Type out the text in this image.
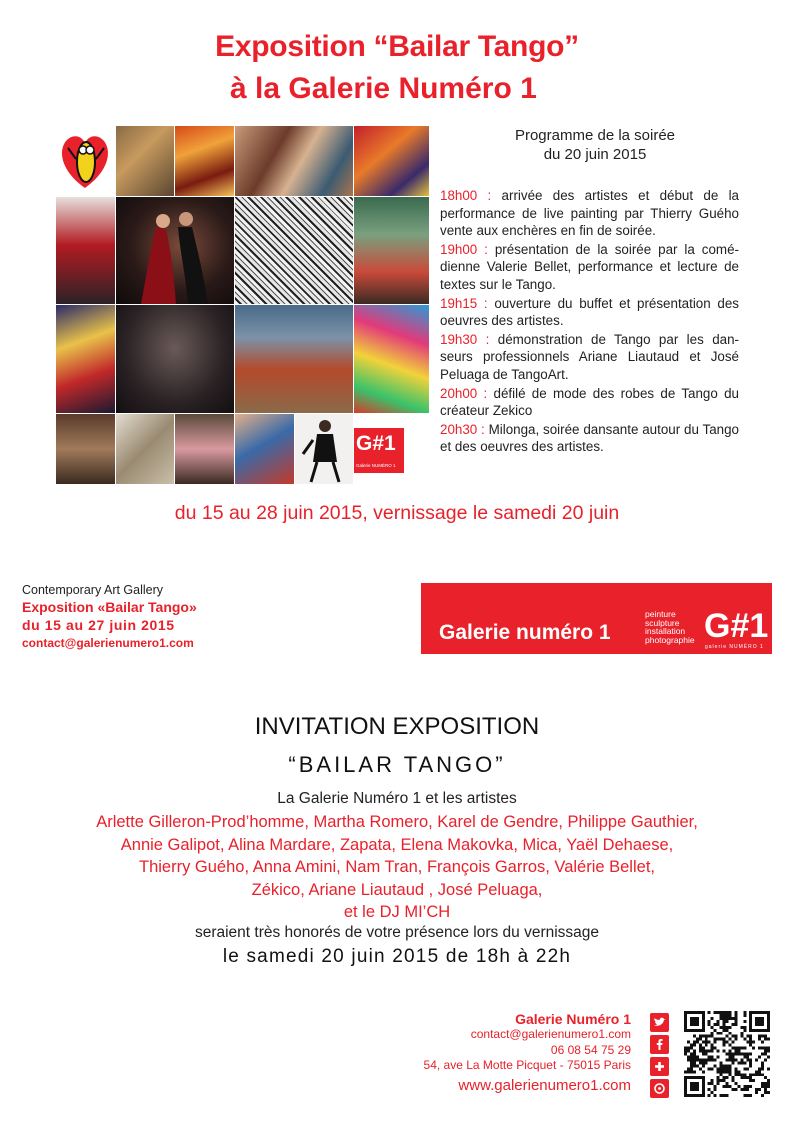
Exposition “Bailar Tango”
à la Galerie Numéro 1
G#1
Galerie NUMÉRO 1
Programme de la soirée
du 20 juin 2015
18h00 : arrivée des artistes et début de la performance de live painting par Thierry Guého vente aux enchères en fin de soirée.
19h00 : présentation de la soirée par la comé-dienne Valerie Bellet, performance et lecture de textes sur le Tango.
19h15 : ouverture du buffet et présentation des oeuvres des artistes.
19h30 : démonstration de Tango par les dan-seurs professionnels Ariane Liautaud et José Peluaga de TangoArt.
20h00 : défilé de mode des robes de Tango du créateur Zekico
20h30 : Milonga, soirée dansante autour du Tango et des oeuvres des artistes.
du 15 au 28 juin 2015, vernissage le samedi 20 juin
Contemporary Art Gallery
Exposition «Bailar Tango»
du 15 au 27 juin 2015
contact@galerienumero1.com	Galerie numéro 1
peinture
sculpture
installation
photographie G#1
galerie NUMÉRO 1
INVITATION EXPOSITION
“BAILAR TANGO”
La Galerie Numéro 1 et les artistes
Arlette Gilleron-Prod’homme, Martha Romero, Karel de Gendre, Philippe Gauthier,
Annie Galipot, Alina Mardare, Zapata, Elena Makovka, Mica, Yaël Dehaese,
Thierry Guého, Anna Amini, Nam Tran, François Garros, Valérie Bellet,
Zékico, Ariane Liautaud , José Peluaga,
et le DJ MI’CH
seraient très honorés de votre présence lors du vernissage
le samedi 20 juin 2015 de 18h à 22h
Galerie Numéro 1
contact@galerienumero1.com
06 08 54 75 29
54, ave La Motte Picquet - 75015 Paris
www.galerienumero1.com
